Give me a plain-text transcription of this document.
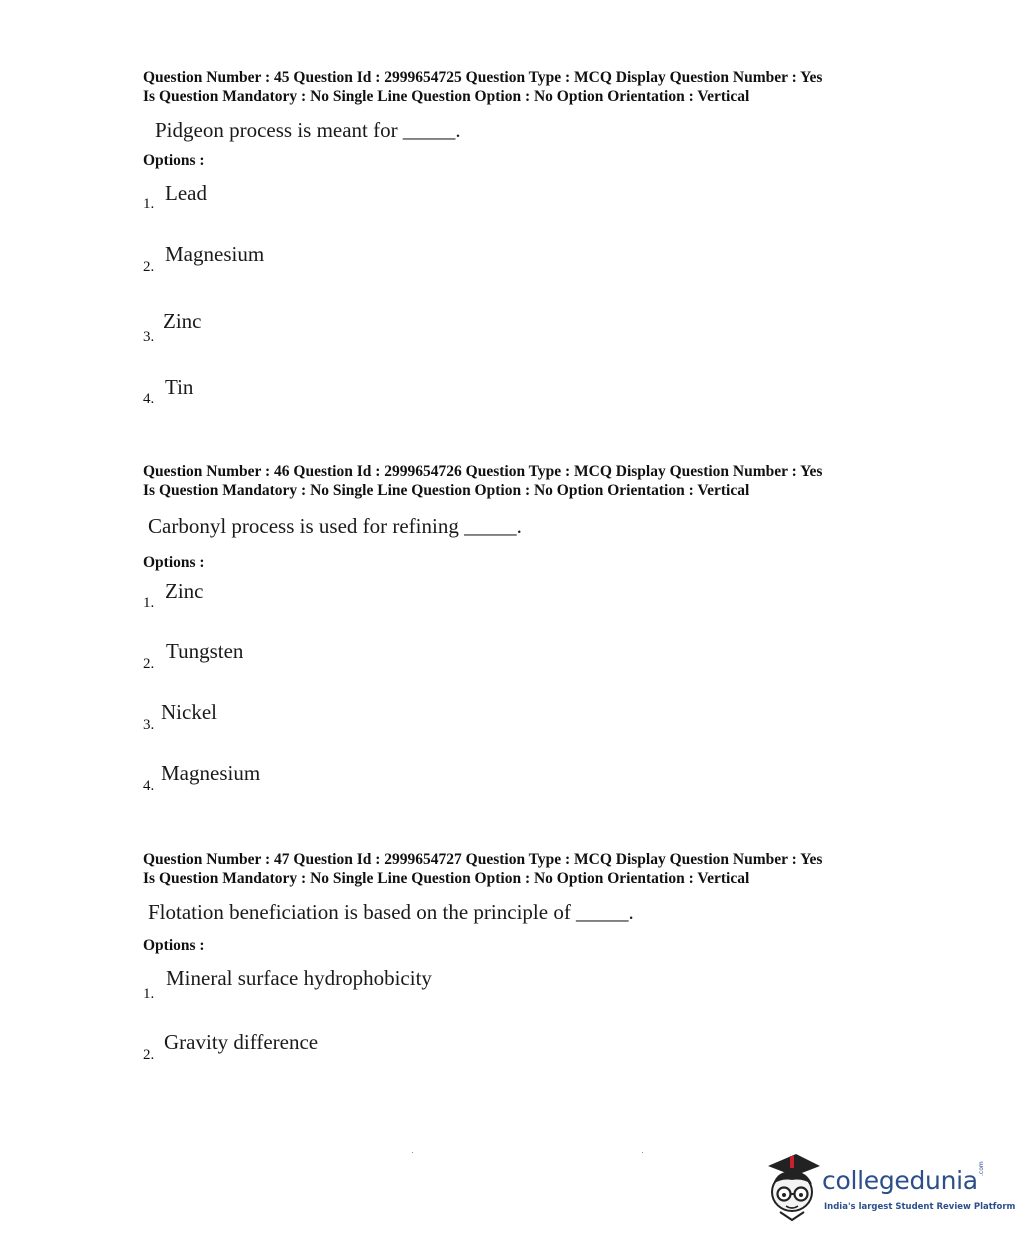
Question Number : 45 Question Id : 2999654725 Question Type : MCQ Display Question Number : Yes
Is Question Mandatory : No Single Line Question Option : No Option Orientation : Vertical
Pidgeon process is meant for _____.
Options :
1. Lead
2.
Magnesium
3.
Zinc
4. Tin
Question Number : 46 Question Id : 2999654726 Question Type : MCQ Display Question Number : Yes
Is Question Mandatory : No Single Line Question Option : No Option Orientation : Vertical
Carbonyl process is used for refining _____.
Options :
1. Zinc
2.
Tungsten
3.
Nickel
4.
Magnesium
Question Number : 47 Question Id : 2999654727 Question Type : MCQ Display Question Number : Yes
Is Question Mandatory : No Single Line Question Option : No Option Orientation : Vertical
Flotation beneficiation is based on the principle of _____.
Options :
1.
Mineral surface hydrophobicity
2.
Gravity difference
collegedunia .com
India's largest Student Review Platform
